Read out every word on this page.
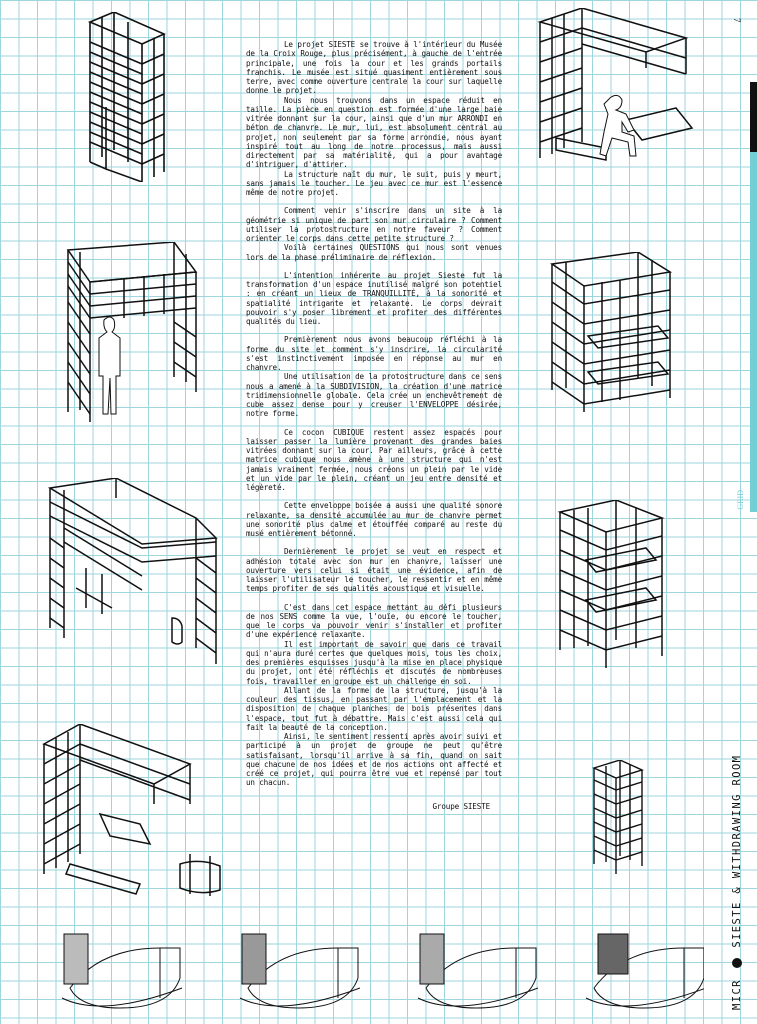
Le projet SIESTE se trouve à l'intérieur du Musée de la Croix Rouge, plus précisément, à gauche de l'entrée principale, une fois la cour et les grands portails franchis. Le musée est situé quasiment entièrement sous terre, avec comme ouverture centrale la cour sur laquelle donne le projet.

Nous nous trouvons dans un espace réduit en taille. La pièce en question est formée d'une large baie vitrée donnant sur la cour, ainsi que d'un mur ARRONDI en béton de chanvre. Le mur, lui, est absolument central au projet, non seulement par sa forme arrondie, nous ayant inspiré tout au long de notre processus, mais aussi directement par sa matérialité, qui a pour avantage d'intriguer, d'attirer.

La structure naît du mur, le suit, puis y meurt, sans jamais le toucher. Le jeu avec ce mur est l'essence même de notre projet.

Comment venir s'inscrire dans un site à la géométrie si unique de part son mur circulaire ? Comment utiliser la protostructure en notre faveur ? Comment orienter le corps dans cette petite structure ?

Voilà certaines QUESTIONS qui nous sont venues lors de la phase préliminaire de réflexion.

L'intention inhérente au projet Sieste fut la transformation d'un espace inutilisé malgré son potentiel : en créant un lieux de TRANQUILLITÉ, à la sonorité et spatialité intrigante et relaxante. Le corps devrait pouvoir s'y poser librement et profiter des différentes qualités du lieu.

Premièrement nous avons beaucoup réfléchi à la forme du site et comment s'y inscrire, la circularité s'est instinctivement imposée en réponse au mur en chanvre.

Une utilisation de la protostructure dans ce sens nous a amené à la SUBDIVISION, la création d'une matrice tridimensionnelle globale. Cela crée un enchevêtrement de cube assez dense pour y creuser l'ENVELOPPE désirée, notre forme.

Ce cocon CUBIQUE restent assez espacés pour laisser passer la lumière provenant des grandes baies vitrées donnant sur la cour. Par ailleurs, grâce à cette matrice cubique nous amène à une structure qui n'est jamais vraiment fermée, nous créons un plein par le vide et un vide par le plein, créant un jeu entre densité et légèreté.

Cette enveloppe boisée a aussi une qualité sonore relaxante, sa densité accumulée au mur de chanvre permet une sonorité plus calme et étouffée comparé au reste du musé entièrement bétonné.

Dernièrement le projet se veut en respect et adhésion totale avec son mur en chanvre, laisser une ouverture vers celui si était une évidence, afin de laisser l'utilisateur le toucher, le ressentir et en même temps profiter de ses qualités acoustique et visuelle.

C'est dans cet espace mettant au défi plusieurs de nos SENS comme la vue, l'ouïe, ou encore le toucher, que le corps va pouvoir venir s'installer et profiter d'une expérience relaxante.

Il est important de savoir que dans ce travail qui n'aura duré certes que quelques mois, tous les choix, des premières esquisses jusqu'à la mise en place physique du projet, ont été réfléchis et discutés de nombreuses fois, travailler en groupe est un challenge en soi.

Allant de la forme de la structure, jusqu'à la couleur des tissus, en passant par l'emplacement et la disposition de chaque planches de bois présentes dans l'espace, tout fut à débattre. Mais c'est aussi cela qui fait la beauté de la conception.

Ainsi, le sentiment ressenti après avoir suivi et participé à un projet de groupe ne peut qu'être satisfaisant, lorsqu'il arrive à sa fin, quand on sait que chacune de nos idées et de nos actions ont affecté et créé ce projet, qui pourra être vue et repensé par tout un chacun.

Groupe SIESTE

7
GRID
MICR  SIESTE & WITHDRAWING ROOM
